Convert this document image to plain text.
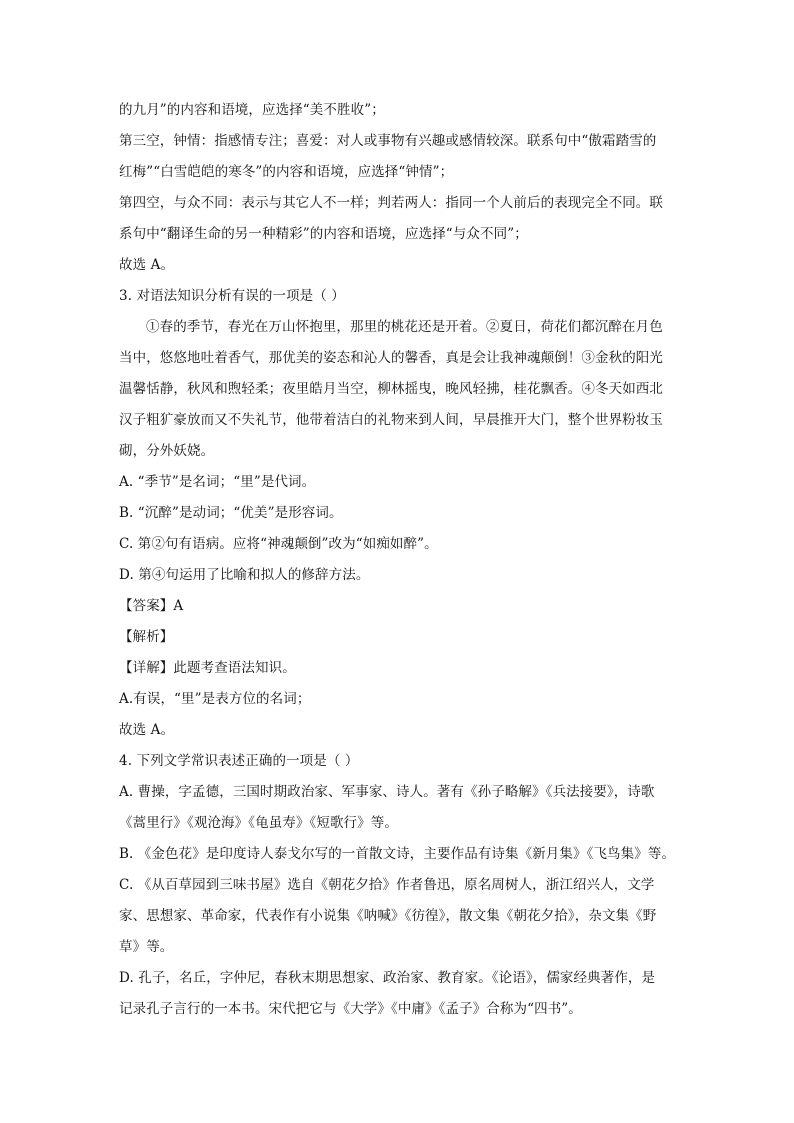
的九月”的内容和语境，应选择“美不胜收”；
第三空，钟情：指感情专注；喜爱：对人或事物有兴趣或感情较深。联系句中“傲霜踏雪的
红梅”“白雪皑皑的寒冬”的内容和语境，应选择“钟情”；
第四空，与众不同：表示与其它人不一样；判若两人：指同一个人前后的表现完全不同。联
系句中“翻译生命的另一种精彩”的内容和语境，应选择“与众不同”；
故选 A。
3. 对语法知识分析有误的一项是（ ）
①春的季节，春光在万山怀抱里，那里的桃花还是开着。②夏日，荷花们都沉醉在月色
当中，悠悠地吐着香气，那优美的姿态和沁人的馨香，真是会让我神魂颠倒！③金秋的阳光
温馨恬静，秋风和煦轻柔；夜里皓月当空，柳林摇曳，晚风轻拂，桂花飘香。④冬天如西北
汉子粗犷豪放而又不失礼节，他带着洁白的礼物来到人间，早晨推开大门，整个世界粉妆玉
砌，分外妖娆。
A. “季节”是名词；“里”是代词。
B. “沉醉”是动词；“优美”是形容词。
C. 第②句有语病。应将“神魂颠倒”改为“如痴如醉”。
D. 第④句运用了比喻和拟人的修辞方法。
【答案】A
【解析】
【详解】此题考查语法知识。
A.有误，“里”是表方位的名词；
故选 A。
4. 下列文学常识表述正确的一项是（ ）
A. 曹操，字孟德，三国时期政治家、军事家、诗人。著有《孙子略解》《兵法接要》，诗歌
《蒿里行》《观沧海》《龟虽寿》《短歌行》等。
B. 《金色花》是印度诗人泰戈尔写的一首散文诗，主要作品有诗集《新月集》《飞鸟集》等。
C. 《从百草园到三味书屋》选自《朝花夕拾》作者鲁迅，原名周树人，浙江绍兴人，文学
家、思想家、革命家，代表作有小说集《呐喊》《彷徨》，散文集《朝花夕拾》，杂文集《野
草》等。
D. 孔子，名丘，字仲尼，春秋末期思想家、政治家、教育家。《论语》，儒家经典著作，是
记录孔子言行的一本书。宋代把它与《大学》《中庸》《孟子》合称为“四书”。
